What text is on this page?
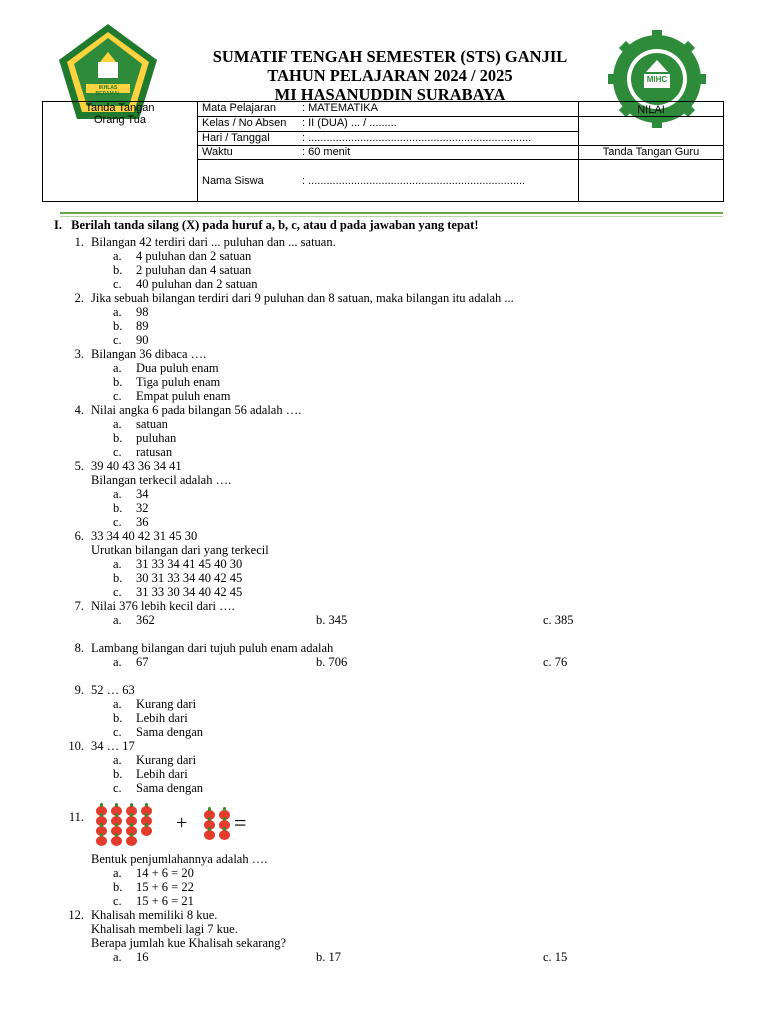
IKHLAS BERAMAL
MIHC
SUMATIF TENGAH SEMESTER (STS) GANJIL
TAHUN PELAJARAN 2024 / 2025
MI HASANUDDIN SURABAYA
Tanda Tangan Orang Tua	Mata Pelajaran : MATEMATIKA	NILAI
	Kelas / No Absen : II (DUA) ... / .........	
	Hari / Tanggal : .........................................................................	
	Waktu : 60 menit	Tanda Tangan Guru
	Nama Siswa : .......................................................................	
I. Berilah tanda silang (X) pada huruf a, b, c, atau d pada jawaban yang tepat!
1. Bilangan 42 terdiri dari ... puluhan dan ... satuan.
a. 4 puluhan dan 2 satuan
b. 2 puluhan dan 4 satuan
c. 40 puluhan dan 2 satuan
2. Jika sebuah bilangan terdiri dari 9 puluhan dan 8 satuan, maka bilangan itu adalah ...
a. 98
b. 89
c. 90
3. Bilangan 36 dibaca ….
a. Dua puluh enam
b. Tiga puluh enam
c. Empat puluh enam
4. Nilai angka 6 pada bilangan 56 adalah ….
a. satuan
b. puluhan
c. ratusan
5. 39 40 43 36 34 41
Bilangan terkecil adalah ….
a. 34
b. 32
c. 36
6. 33 34 40 42 31 45 30
Urutkan bilangan dari yang terkecil
a. 31 33 34 41 45 40 30
b. 30 31 33 34 40 42 45
c. 31 33 30 34 40 42 45
7. Nilai 376 lebih kecil dari ….
a. 362	b. 345	c. 385
8. Lambang bilangan dari tujuh puluh enam adalah
a. 67	b. 706	c. 76
9. 52 … 63
a. Kurang dari
b. Lebih dari
c. Sama dengan
10. 34 … 17
a. Kurang dari
b. Lebih dari
c. Sama dengan
11.
Bentuk penjumlahannya adalah ….
+ =
a. 14 + 6 = 20
b. 15 + 6 = 22
c. 15 + 6 = 21
12. Khalisah memiliki 8 kue.
Khalisah membeli lagi 7 kue.
Berapa jumlah kue Khalisah sekarang?
a. 16	b. 17	c. 15
